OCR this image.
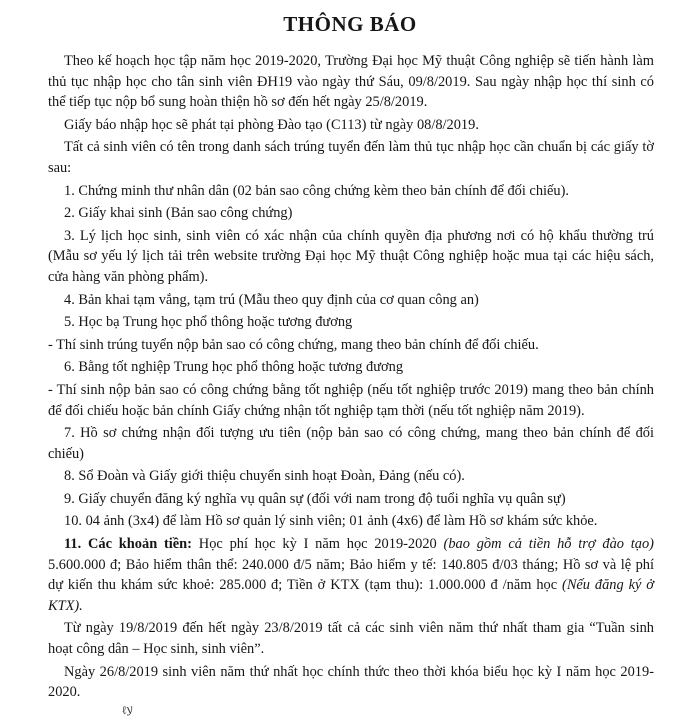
THÔNG BÁO

Theo kế hoạch học tập năm học 2019-2020, Trường Đại học Mỹ thuật Công nghiệp sẽ tiến hành làm thủ tục nhập học cho tân sinh viên ĐH19 vào ngày thứ Sáu, 09/8/2019. Sau ngày nhập học thí sinh có thể tiếp tục nộp bổ sung hoàn thiện hồ sơ đến hết ngày 25/8/2019.

Giấy báo nhập học sẽ phát tại phòng Đào tạo (C113) từ ngày 08/8/2019.

Tất cả sinh viên có tên trong danh sách trúng tuyển đến làm thủ tục nhập học cần chuẩn bị các giấy tờ sau:

1. Chứng minh thư nhân dân (02 bản sao công chứng kèm theo bản chính để đối chiếu).

2. Giấy khai sinh (Bản sao công chứng)

3. Lý lịch học sinh, sinh viên có xác nhận của chính quyền địa phương nơi có hộ khẩu thường trú (Mẫu sơ yếu lý lịch tải trên website trường Đại học Mỹ thuật Công nghiệp hoặc mua tại các hiệu sách, cửa hàng văn phòng phẩm).

4. Bản khai tạm vắng, tạm trú (Mẫu theo quy định của cơ quan công an)

5. Học bạ Trung học phổ thông hoặc tương đương

- Thí sinh trúng tuyển nộp bản sao có công chứng, mang theo bản chính để đối chiếu.

6. Bằng tốt nghiệp Trung học phổ thông hoặc tương đương

- Thí sinh nộp bản sao có công chứng bằng tốt nghiệp (nếu tốt nghiệp trước 2019) mang theo bản chính để đối chiếu hoặc bản chính Giấy chứng nhận tốt nghiệp tạm thời (nếu tốt nghiệp năm 2019).

7. Hồ sơ chứng nhận đối tượng ưu tiên (nộp bản sao có công chứng, mang theo bản chính để đối chiếu)

8. Sổ Đoàn và Giấy giới thiệu chuyển sinh hoạt Đoàn, Đảng (nếu có).

9. Giấy chuyển đăng ký nghĩa vụ quân sự (đối với nam trong độ tuổi nghĩa vụ quân sự)

10. 04 ảnh (3x4) để làm Hồ sơ quản lý sinh viên; 01 ảnh (4x6) để làm Hồ sơ khám sức khỏe.

11. Các khoản tiền: Học phí học kỳ I năm học 2019-2020 (bao gồm cả tiền hỗ trợ đào tạo) 5.600.000 đ; Bảo hiểm thân thể: 240.000 đ/5 năm; Bảo hiểm y tế: 140.805 đ/03 tháng; Hồ sơ và lệ phí dự kiến thu khám sức khoẻ: 285.000 đ; Tiền ở KTX (tạm thu): 1.000.000 đ /năm học (Nếu đăng ký ở KTX).

Từ ngày 19/8/2019 đến hết ngày 23/8/2019 tất cả các sinh viên năm thứ nhất tham gia “Tuần sinh hoạt công dân – Học sinh, sinh viên”.

Ngày 26/8/2019 sinh viên năm thứ nhất học chính thức theo thời khóa biểu học kỳ I năm học 2019-2020.

ℓy
